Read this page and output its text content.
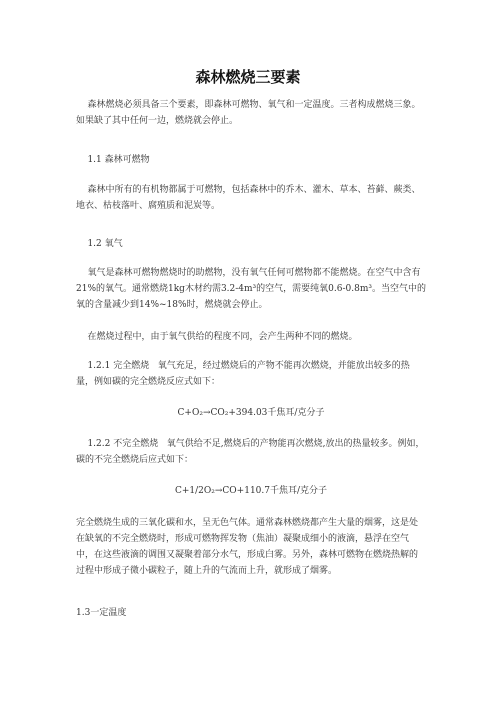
森林燃烧三要素

森林燃烧必须具备三个要素，即森林可燃物、氧气和一定温度。三者构成燃烧三象。如果缺了其中任何一边，燃烧就会停止。

1.1 森林可燃物

森林中所有的有机物都属于可燃物，包括森林中的乔木、灌木、草本、苔藓、蕨类、地衣、枯枝落叶、腐殖质和泥炭等。

1.2 氧气

氧气是森林可燃物燃烧时的助燃物，没有氧气任何可燃物都不能燃烧。在空气中含有21%的氧气。通常燃烧1kg木材约需3.2-4m³的空气，需要纯氧0.6-0.8m³。当空气中的氧的含量减少到14%~18%时，燃烧就会停止。

在燃烧过程中，由于氧气供给的程度不同，会产生两种不同的燃烧。

1.2.1 完全燃烧   氧气充足，经过燃烧后的产物不能再次燃烧，并能放出较多的热量，例如碳的完全燃烧反应式如下：

C+O₂→CO₂+394.03千焦耳/克分子

1.2.2 不完全燃烧   氧气供给不足,燃烧后的产物能再次燃烧,放出的热量较多。例如，碳的不完全燃烧后应式如下：

C+1/2O₂→CO+110.7千焦耳/克分子

完全燃烧生成的三氧化碳和水，呈无色气体。通常森林燃烧都产生大量的烟雾，这是处在缺氧的不完全燃烧时，形成可燃物挥发物（焦油）凝聚成细小的液滴，悬浮在空气中，在这些液滴的调围又凝聚着部分水气，形成白雾。另外，森林可燃物在燃烧热解的过程中形成子微小碳粒子，随上升的气流而上升，就形成了烟雾。

1.3一定温度
